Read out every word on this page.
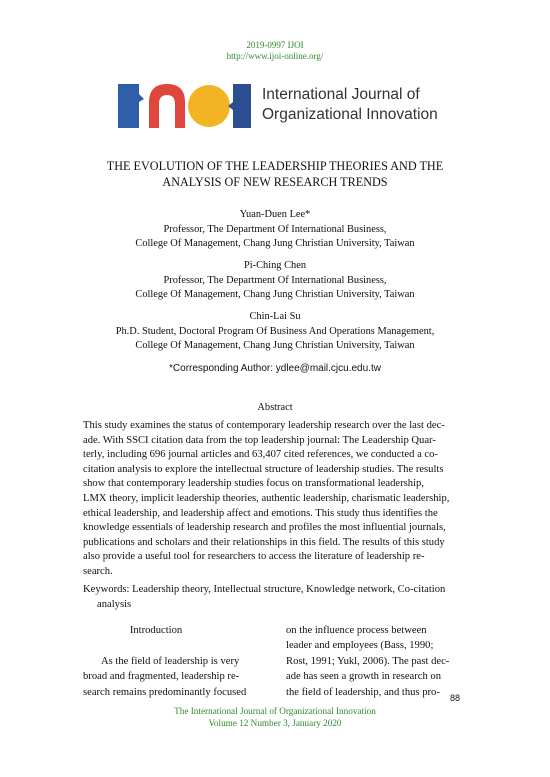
2019-0997 IJOI
http://www.ijoi-online.org/
International Journal of
Organizational Innovation
THE EVOLUTION OF THE LEADERSHIP THEORIES AND THE
ANALYSIS OF NEW RESEARCH TRENDS
Yuan-Duen Lee*
Professor, The Department Of International Business,
College Of Management, Chang Jung Christian University, Taiwan
Pi-Ching Chen
Professor, The Department Of International Business,
College Of Management, Chang Jung Christian University, Taiwan
Chin-Lai Su
Ph.D. Student, Doctoral Program Of Business And Operations Management,
College Of Management, Chang Jung Christian University, Taiwan
*Corresponding Author: ydlee@mail.cjcu.edu.tw
Abstract
This study examines the status of contemporary leadership research over the last dec-
ade. With SSCI citation data from the top leadership journal: The Leadership Quar-
terly, including 696 journal articles and 63,407 cited references, we conducted a co-
citation analysis to explore the intellectual structure of leadership studies. The results
show that contemporary leadership studies focus on transformational leadership,
LMX theory, implicit leadership theories, authentic leadership, charismatic leadership,
ethical leadership, and leadership affect and emotions. This study thus identifies the
knowledge essentials of leadership research and profiles the most influential journals,
publications and scholars and their relationships in this field. The results of this study
also provide a useful tool for researchers to access the literature of leadership re-
search.
Keywords: Leadership theory, Intellectual structure, Knowledge network, Co-citation
analysis
Introduction
As the field of leadership is very
broad and fragmented, leadership re-
search remains predominantly focused
on the influence process between
leader and employees (Bass, 1990;
Rost, 1991; Yukl, 2006). The past dec-
ade has seen a growth in research on
the field of leadership, and thus pro-
88
The International Journal of Organizational Innovation
Volume 12 Number 3, January 2020
